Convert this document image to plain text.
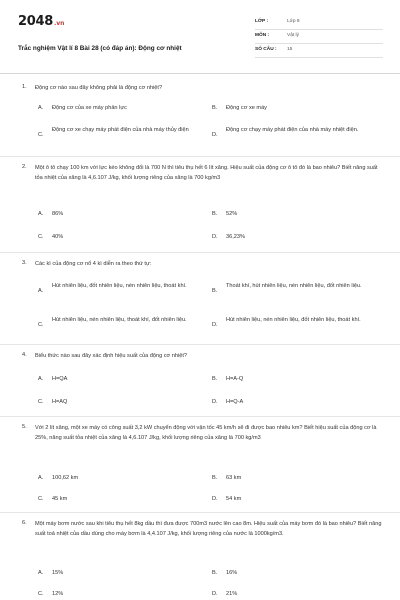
2048.vn
Trắc nghiệm Vật lí 8 Bài 28 (có đáp án): Động cơ nhiệt
LỚP :	Lớp 8
MÔN :	Vật lý
SỐ CÂU : 15
1. Động cơ nào sau đây không phải là động cơ nhiệt?
A. Động cơ của xe máy phản lực	B. Động cơ xe máy
C.
Động cơ xe chạy máy phát điện của nhà máy thủy điện
D.
Động cơ chạy máy phát điện của nhà máy nhiệt điện.
2. Một ô tô chạy 100 km với lực kéo không đổi là 700 N thì tiêu thụ hết 6 lít xăng. Hiệu suất của động cơ ô tô đó là bao nhiêu? Biết năng suất tỏa nhiệt của xăng là 4,6.107 J/kg, khối lượng riêng của xăng là 700 kg/m3
A. 86%	B. 52%
C. 40%	D. 36,23%
3. Các kì của động cơ nổ 4 kì diễn ra theo thứ tự:
A.
Hút nhiên liệu, đốt nhiên liệu, nén nhiên liệu, thoát khí.
B.
Thoát khí, hút nhiên liệu, nén nhiên liệu, đốt nhiên liệu.
C.
Hút nhiên liệu, nén nhiên liệu, thoát khí, đốt nhiên liệu.
D.
Hút nhiên liệu, nén nhiên liệu, đốt nhiên liệu, thoát khí.
4. Biểu thức nào sau đây xác định hiệu suất của động cơ nhiệt?
A. H=QA	B. H=A-Q
C. H=AQ	D. H=Q-A
5. Với 2 lít xăng, một xe máy có công suất 3,2 kW chuyển động với vận tốc 45 km/h sẽ đi được bao nhiêu km? Biết hiệu suất của động cơ là 25%, năng suất tỏa nhiệt của xăng là 4,6.107 J/kg, khối lượng riêng của xăng là 700 kg/m3
A. 100,62 km	B. 63 km
C. 45 km	D. 54 km
6. Một máy bơm nước sau khi tiêu thụ hết 8kg dầu thì đưa được 700m3 nước lên cao 8m. Hiệu suất của máy bơm đó là bao nhiêu? Biết năng suất toả nhiệt của dầu dùng cho máy bơm là 4,4.107 J/kg, khối lượng riêng của nước là 1000kg/m3.
A. 15%	B. 16%
C. 12%	D. 21%
